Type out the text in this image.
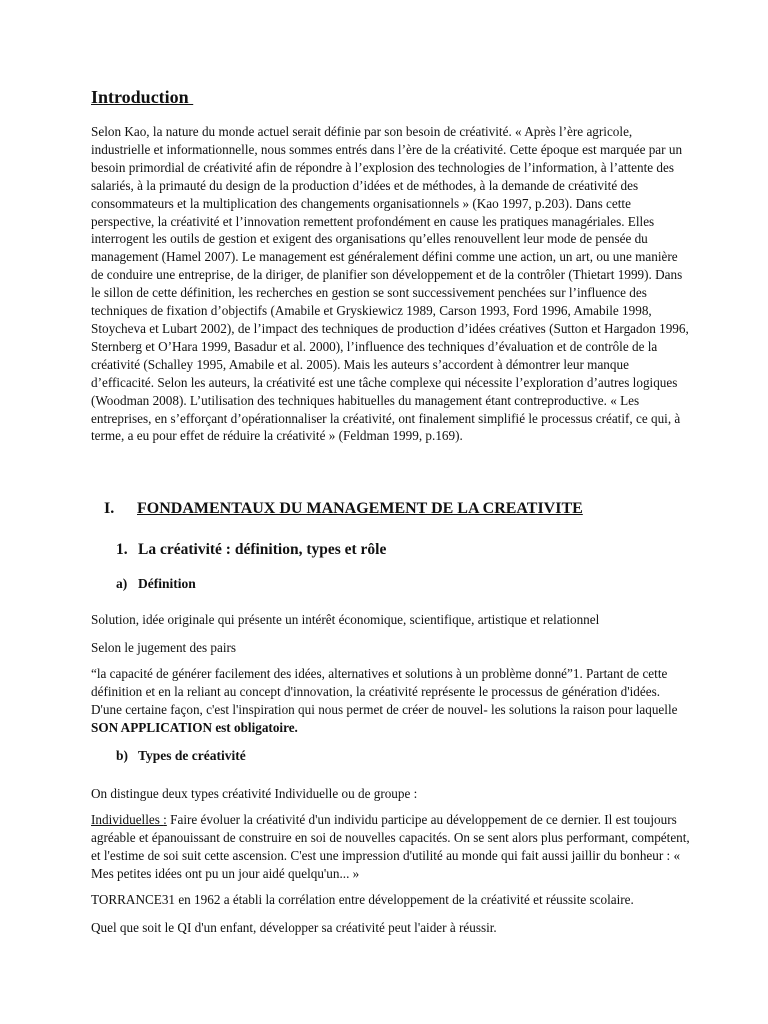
Introduction

Selon Kao, la nature du monde actuel serait définie par son besoin de créativité. « Après l’ère agricole, industrielle et informationnelle, nous sommes entrés dans l’ère de la créativité. Cette époque est marquée par un besoin primordial de créativité afin de répondre à l’explosion des technologies de l’information, à l’attente des salariés, à la primauté du design de la production d’idées et de méthodes, à la demande de créativité des consommateurs et la multiplication des changements organisationnels » (Kao 1997, p.203). Dans cette perspective, la créativité et l’innovation remettent profondément en cause les pratiques managériales. Elles interrogent les outils de gestion et exigent des organisations qu’elles renouvellent leur mode de pensée du management (Hamel 2007). Le management est généralement défini comme une action, un art, ou une manière de conduire une entreprise, de la diriger, de planifier son développement et de la contrôler (Thietart 1999). Dans le sillon de cette définition, les recherches en gestion se sont successivement penchées sur l’influence des techniques de fixation d’objectifs (Amabile et Gryskiewicz 1989, Carson 1993, Ford 1996, Amabile 1998, Stoycheva et Lubart 2002), de l’impact des techniques de production d’idées créatives (Sutton et Hargadon 1996, Sternberg et O’Hara 1999, Basadur et al. 2000), l’influence des techniques d’évaluation et de contrôle de la créativité (Schalley 1995, Amabile et al. 2005). Mais les auteurs s’accordent à démontrer leur manque d’efficacité. Selon les auteurs, la créativité est une tâche complexe qui nécessite l’exploration d’autres logiques (Woodman 2008). L’utilisation des techniques habituelles du management étant contreproductive. « Les entreprises, en s’efforçant d’opérationnaliser la créativité, ont finalement simplifié le processus créatif, ce qui, à terme, a eu pour effet de réduire la créativité » (Feldman 1999, p.169).

I. FONDAMENTAUX DU MANAGEMENT DE LA CREATIVITE
1. La créativité : définition, types et rôle
a) Définition

Solution, idée originale qui présente un intérêt économique, scientifique, artistique et relationnel

Selon le jugement des pairs

“la capacité de générer facilement des idées, alternatives et solutions à un problème donné”1. Partant de cette définition et en la reliant au concept d'innovation, la créativité représente le processus de génération d'idées. D'une certaine façon, c'est l'inspiration qui nous permet de créer de nouvel- les solutions la raison pour laquelle SON APPLICATION est obligatoire.

b) Types de créativité

On distingue deux types créativité Individuelle ou de groupe :

Individuelles : Faire évoluer la créativité d'un individu participe au développement de ce dernier. Il est toujours agréable et épanouissant de construire en soi de nouvelles capacités. On se sent alors plus performant, compétent, et l'estime de soi suit cette ascension. C'est une impression d'utilité au monde qui fait aussi jaillir du bonheur : « Mes petites idées ont pu un jour aidé quelqu'un... »

TORRANCE31 en 1962 a établi la corrélation entre développement de la créativité et réussite scolaire.

Quel que soit le QI d'un enfant, développer sa créativité peut l'aider à réussir.
